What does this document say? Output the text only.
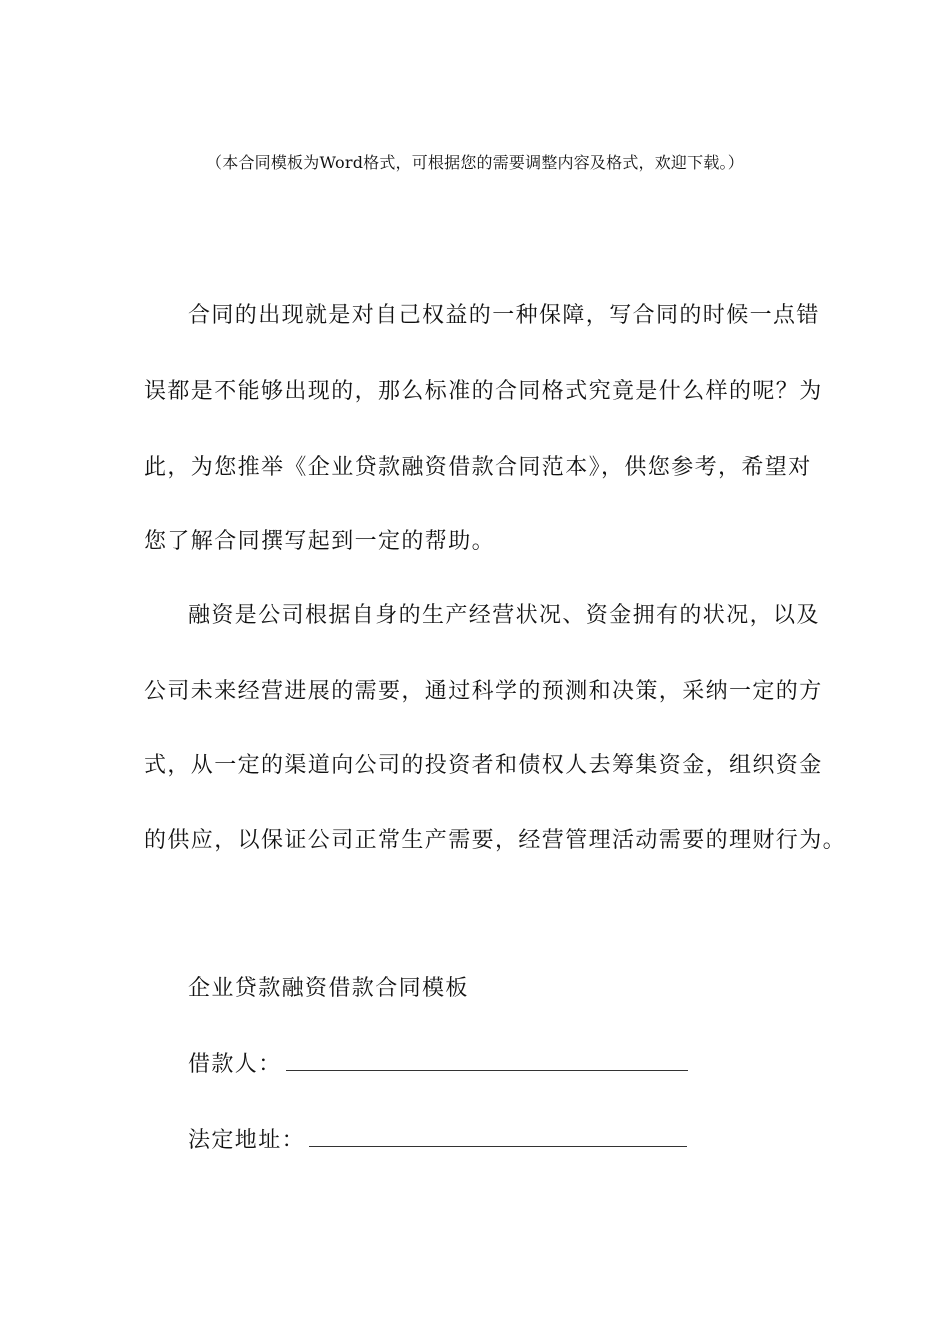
（本合同模板为Word格式，可根据您的需要调整内容及格式，欢迎下载。）
合同的出现就是对自己权益的一种保障，写合同的时候一点错
误都是不能够出现的，那么标准的合同格式究竟是什么样的呢？为
此，为您推举《企业贷款融资借款合同范本》，供您参考，希望对
您了解合同撰写起到一定的帮助。
融资是公司根据自身的生产经营状况、资金拥有的状况，以及
公司未来经营进展的需要，通过科学的预测和决策，采纳一定的方
式，从一定的渠道向公司的投资者和债权人去筹集资金，组织资金
的供应，以保证公司正常生产需要，经营管理活动需要的理财行为。
企业贷款融资借款合同模板
借款人：
法定地址：
